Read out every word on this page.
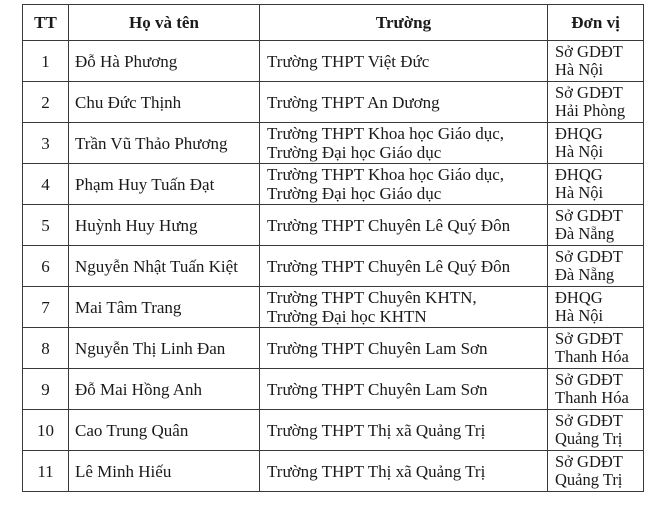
TT	Họ và tên	Trường	Đơn vị
1	Đỗ Hà Phương	Trường THPT Việt Đức	Sở GDĐT
Hà Nội

2	Chu Đức Thịnh	Trường THPT An Dương	Sở GDĐT
Hải Phòng

3	Trần Vũ Thảo Phương	Trường THPT Khoa học Giáo dục,
Trường Đại học Giáo dục	ĐHQG
Hà Nội

4	Phạm Huy Tuấn Đạt	Trường THPT Khoa học Giáo dục,
Trường Đại học Giáo dục	ĐHQG
Hà Nội

5	Huỳnh Huy Hưng	Trường THPT Chuyên Lê Quý Đôn	Sở GDĐT
Đà Nẵng

6	Nguyễn Nhật Tuấn Kiệt	Trường THPT Chuyên Lê Quý Đôn	Sở GDĐT
Đà Nẵng

7	Mai Tâm Trang	Trường THPT Chuyên KHTN,
Trường Đại học KHTN	ĐHQG
Hà Nội

8	Nguyễn Thị Linh Đan	Trường THPT Chuyên Lam Sơn	Sở GDĐT
Thanh Hóa

9	Đỗ Mai Hồng Anh	Trường THPT Chuyên Lam Sơn	Sở GDĐT
Thanh Hóa

10	Cao Trung Quân	Trường THPT Thị xã Quảng Trị	Sở GDĐT
Quảng Trị

11	Lê Minh Hiếu	Trường THPT Thị xã Quảng Trị	Sở GDĐT
Quảng Trị
